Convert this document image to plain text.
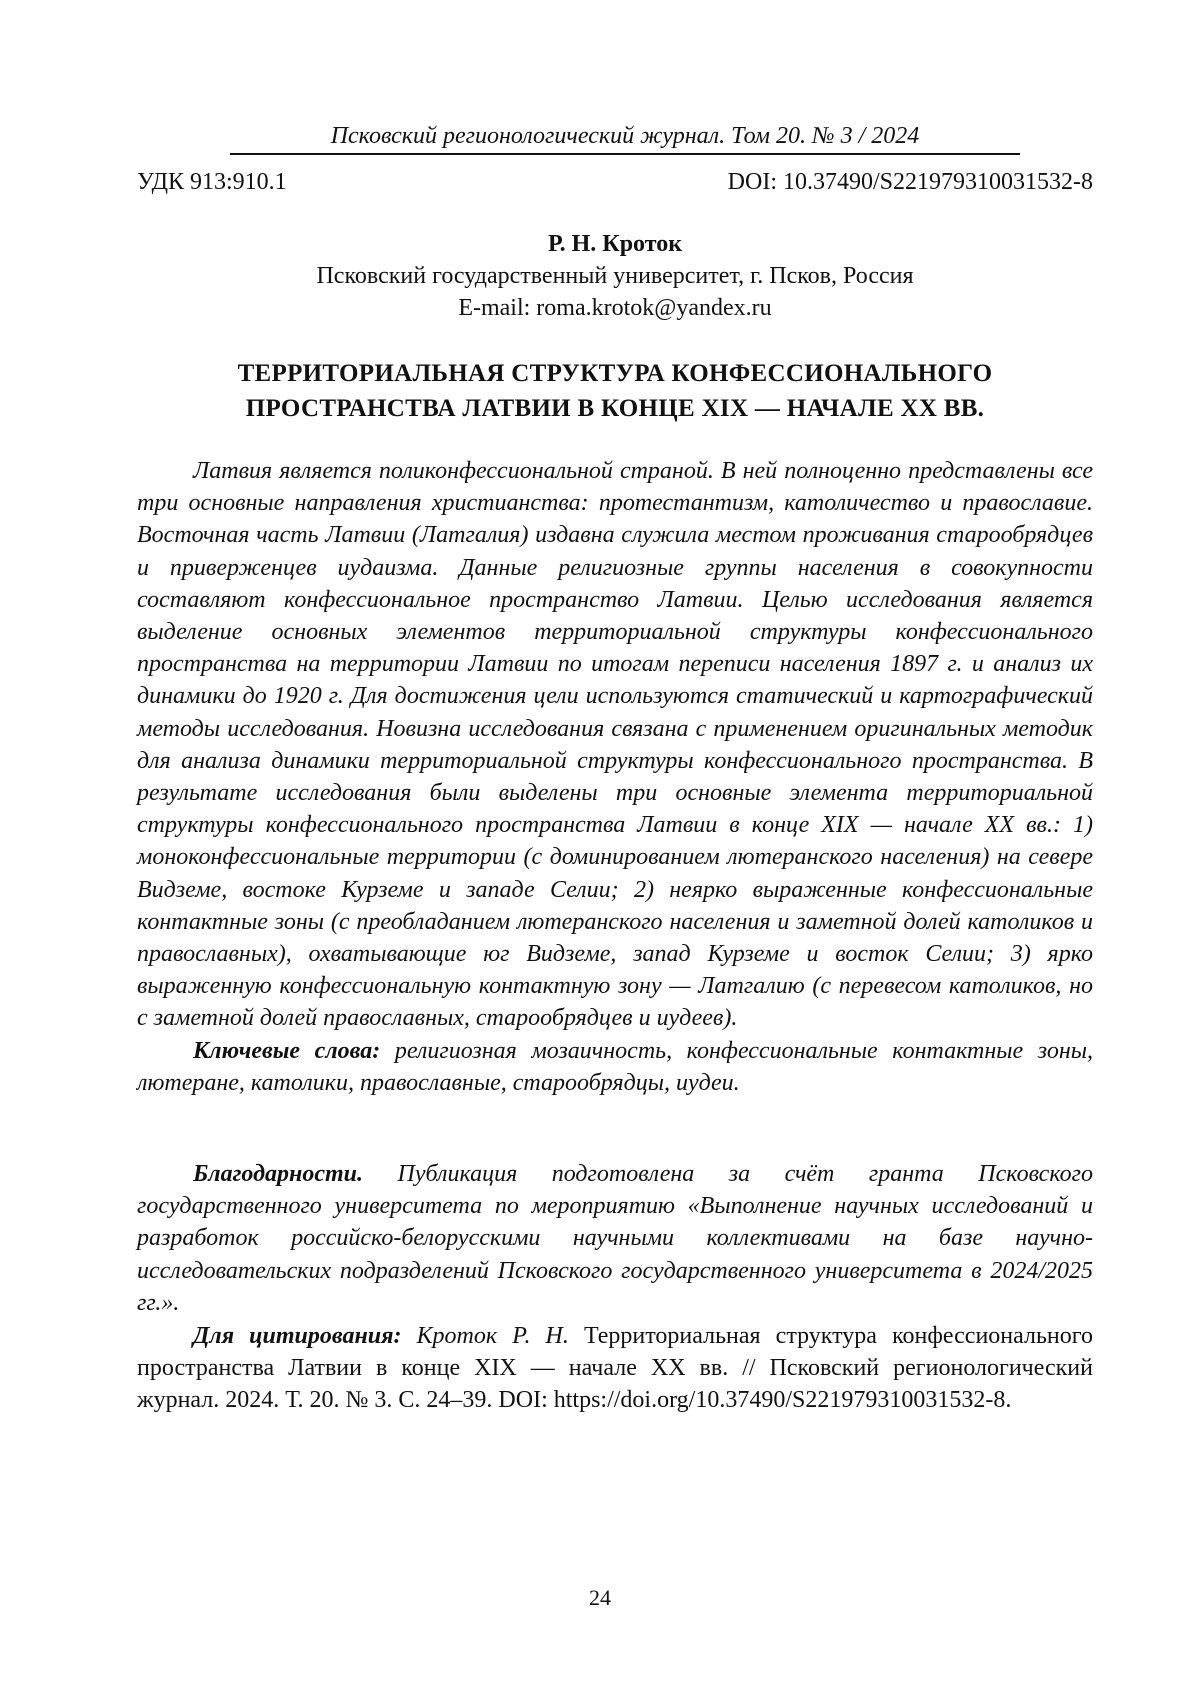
Псковский регионологический журнал. Том 20. № 3 / 2024
УДК 913:910.1	DOI: 10.37490/S221979310031532-8
Р. Н. Кроток
Псковский государственный университет, г. Псков, Россия
E-mail: roma.krotok@yandex.ru
ТЕРРИТОРИАЛЬНАЯ СТРУКТУРА КОНФЕССИОНАЛЬНОГО
ПРОСТРАНСТВА ЛАТВИИ В КОНЦЕ XIX — НАЧАЛЕ XX ВВ.

Латвия является поликонфессиональной страной. В ней полноценно представлены все три основные направления христианства: протестантизм, католичество и православие. Восточная часть Латвии (Латгалия) издавна служила местом проживания старообрядцев и приверженцев иудаизма. Данные религиозные группы населения в совокупности составляют конфессиональное пространство Латвии. Целью исследования является выделение основных элементов территориальной структуры конфессионального пространства на территории Латвии по итогам переписи населения 1897 г. и анализ их динамики до 1920 г. Для достижения цели используются статический и картографический методы исследования. Новизна исследования связана с применением оригинальных методик для анализа динамики территориальной структуры конфессионального пространства. В результате исследования были выделены три основные элемента территориальной структуры конфессионального пространства Латвии в конце XIX — начале XX вв.: 1) моноконфессиональные территории (с доминированием лютеранского населения) на севере Видземе, востоке Курземе и западе Селии; 2) неярко выраженные конфессиональные контактные зоны (с преобладанием лютеранского населения и заметной долей католиков и православных), охватывающие юг Видземе, запад Курземе и восток Селии; 3) ярко выраженную конфессиональную контактную зону — Латгалию (с перевесом католиков, но с заметной долей православных, старообрядцев и иудеев).

Ключевые слова: религиозная мозаичность, конфессиональные контактные зоны, лютеране, католики, православные, старообрядцы, иудеи.

Благодарности. Публикация подготовлена за счёт гранта Псковского государственного университета по мероприятию «Выполнение научных исследований и разработок российско-белорусскими научными коллективами на базе научно-исследовательских подразделений Псковского государственного университета в 2024/2025 гг.».

Для цитирования: Кроток Р. Н. Территориальная структура конфессионального пространства Латвии в конце XIX — начале XX вв. // Псковский регионологический журнал. 2024. Т. 20. № 3. С. 24–39. DOI: https://doi.org/10.37490/S221979310031532-8.

24
